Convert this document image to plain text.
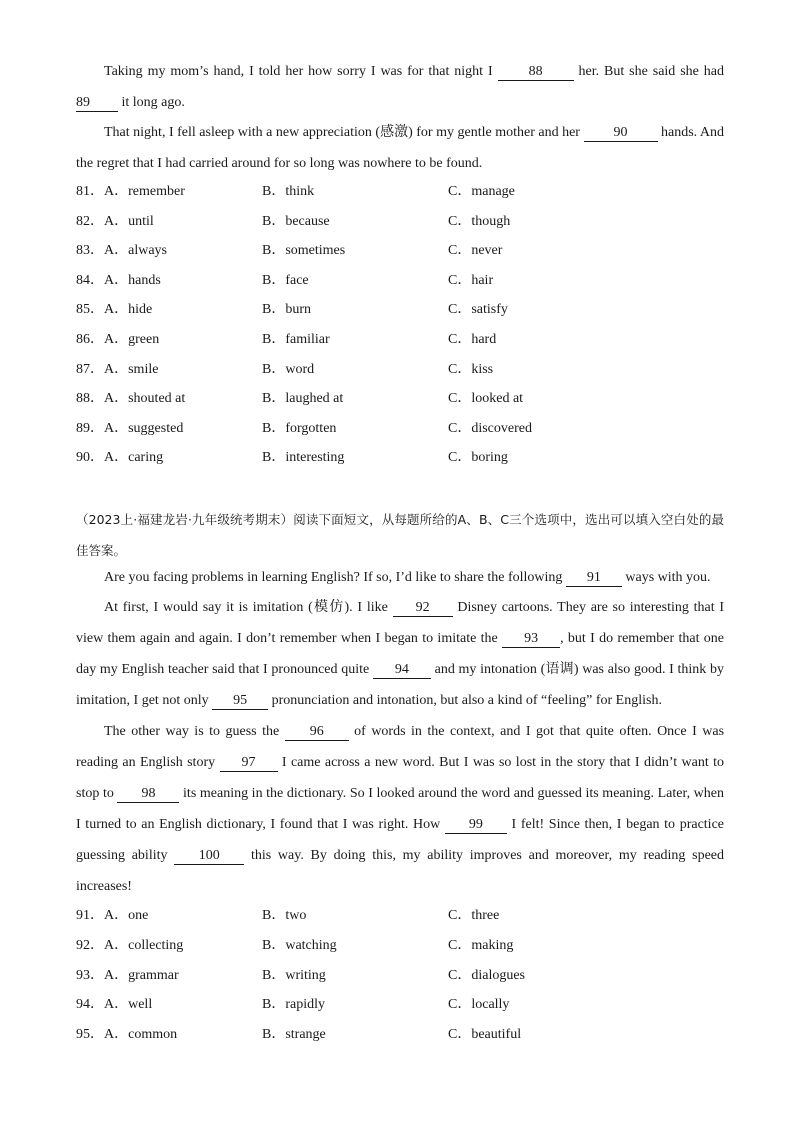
Taking my mom’s hand, I told her how sorry I was for that night I	88	her. But she said she had 89 it long ago.

That night, I fell asleep with a new appreciation (感激) for my gentle mother and her 90 hands. And the regret that I had carried around for so long was nowhere to be found.

81． A．remember	B．think	C．manage
82． A．until	B．because	C．though
83． A．always	B．sometimes	C．never
84． A．hands	B．face	C．hair
85． A．hide	B．burn	C．satisfy
86． A．green	B．familiar	C．hard
87． A．smile	B．word	C．kiss
88． A．shouted at	B．laughed at	C．looked at
89． A．suggested	B．forgotten	C．discovered
90． A．caring	B．interesting	C．boring

（2023上·福建龙岩·九年级统考期末）阅读下面短文，从每题所给的A、B、C三个选项中，选出可以填入空白处的最佳答案。

Are you facing problems in learning English? If so, I’d like to share the following 91 ways with you.

At first, I would say it is imitation (模仿). I like 92 Disney cartoons. They are so interesting that I view them again and again. I don’t remember when I began to imitate the 93 , but I do remember that one day my English teacher said that I pronounced quite 94 and my intonation (语调) was also good. I think by imitation, I get not only 95 pronunciation and intonation, but also a kind of “feeling” for English.

The other way is to guess the 96 of words in the context, and I got that quite often. Once I was reading an English story 97 I came across a new word. But I was so lost in the story that I didn’t want to stop to 98 its meaning in the dictionary. So I looked around the word and guessed its meaning. Later, when I turned to an English dictionary, I found that I was right. How 99 I felt! Since then, I began to practice guessing ability 100 this way. By doing this, my ability improves and moreover, my reading speed increases!

91． A．one	B．two	C．three
92． A．collecting	B．watching	C．making
93． A．grammar	B．writing	C．dialogues
94． A．well	B．rapidly	C．locally
95． A．common	B．strange	C．beautiful
